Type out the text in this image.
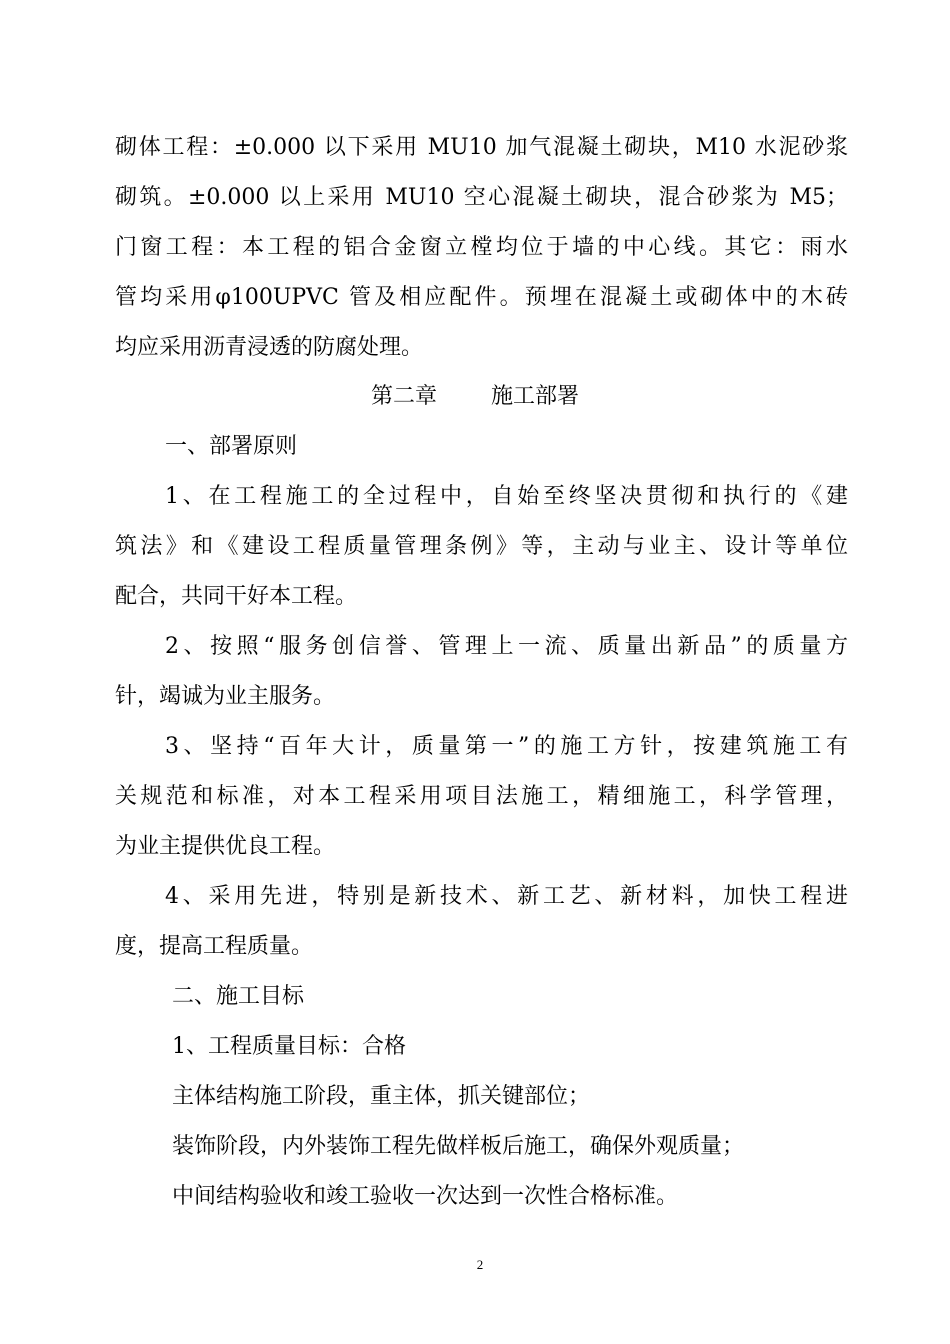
砌体工程：±0.000 以下采用 MU10 加气混凝土砌块，M10 水泥砂浆

砌筑。±0.000 以上采用 MU10 空心混凝土砌块，混合砂浆为 M5；

门窗工程：本工程的铝合金窗立樘均位于墙的中心线。其它：雨水

管均采用φ100UPVC 管及相应配件。预埋在混凝土或砌体中的木砖

均应采用沥青浸透的防腐处理。

第二章 施工部署

一、部署原则

1、在工程施工的全过程中，自始至终坚决贯彻和执行的《建

筑法》和《建设工程质量管理条例》等，主动与业主、设计等单位

配合，共同干好本工程。

2、按照“服务创信誉、管理上一流、质量出新品”的质量方

针，竭诚为业主服务。

3、坚持“百年大计，质量第一”的施工方针，按建筑施工有

关规范和标准，对本工程采用项目法施工，精细施工，科学管理，

为业主提供优良工程。

4、采用先进，特别是新技术、新工艺、新材料，加快工程进

度，提高工程质量。

二、施工目标

1、工程质量目标：合格

主体结构施工阶段，重主体，抓关键部位；

装饰阶段，内外装饰工程先做样板后施工，确保外观质量；

中间结构验收和竣工验收一次达到一次性合格标准。

2
